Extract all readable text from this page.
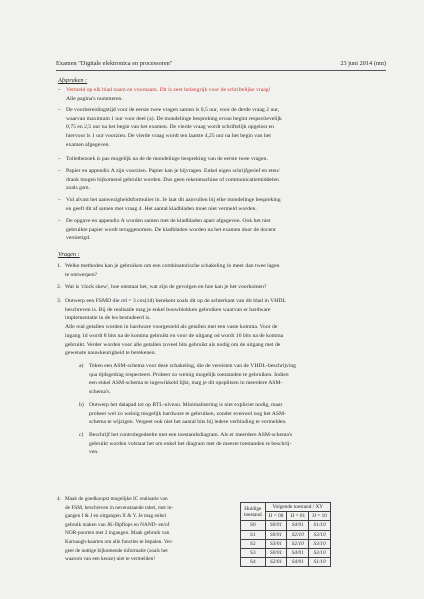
Examen "Digitale elektronica en processoren"	23 juni 2014 (nm)
Afspraken :
– Vermeld op elk blad naam en voornaam. Dit is zeer belangrijk voor de schriftelijke vraag!
Alle pagina's nummeren.
– De voorbereidingstijd voor de eerste twee vragen samen is 0,5 uur, voor de derde vraag 2 uur,
waarvan maximum 1 uur voor deel (a). De mondelinge bespreking ervan begint respectievelijk
0,75 en 2,5 uur na het begin van het examen. De vierde vraag wordt schriftelijk opgelost en
hiervoor is 1 uur voorzien. De vierde vraag wordt ten laatste 4,25 uur na het begin van het
examen afgegeven.
– Toiletbezoek is pas mogelijk na de de mondelinge bespreking van de eerste twee vragen.
– Papier en appendix A zijn voorzien. Papier kan je bijvragen. Enkel eigen schrijfgerief en eten/
drank mogen bijkomend gebruikt worden. Dus geen rekenmachine of communicatiemiddelen
zoals gsm.
– Vul alvast het aanwezigheidsformulier in. Je laat dit aanvullen bij elke mondelinge bespreking
en geeft dit af samen met vraag 4. Het aantal kladbladen moet niet vermeld worden.
– De opgave en appendix A worden samen met de kladbladen apart afgegeven. Ook het niet
gebruikte papier wordt teruggenomen. De kladbladen worden na het examen door de docent
vernietigd.
Vragen :
1. Welke methoden kan je gebruiken om een combinatorische schakeling in meer dan twee lagen
te ontwerpen?
2. Wat is 'clock skew', hoe ontstaat het, wat zijn de gevolgen en hoe kan je het voorkomen?
3. Ontwerp een FSMD die σd = 3 cos(1d) berekent zoals dit op de achterkant van dit blad in VHDL
beschreven is. Bij de realisatie mag je enkel bouwblokken gebruiken waarvan er hardware
implementatie in de les bestudeerd is.
Alle real getallen worden in hardware voorgesteld als getallen met een vaste komma. Voor de
ingang 1d wordt 8 bits na de komma gebruikt en voor de uitgang od wordt 16 bits na de komma
gebruikt. Verder worden voor alle getallen zoveel bits gebruikt als nodig om de uitgang met de
gewenste nauwkeurigheid te berekenen.
a) Teken een ASM-schema voor deze schakeling, die de vereisten van de VHDL-beschrijving
qua tijdsgedrag respecteert. Probeer zo weinig mogelijk toestanden te gebruiken. Indien
een enkel ASM-schema te ingewikkeld lijkt, mag je dit opsplitsen in meerdere ASM-
schema's.
b) Ontwerp het datapad tot op RTL-niveau. Minimalisering is niet expliciet nodig, maar
probeer wel zo weinig mogelijk hardware te gebruiken, zonder evenwel nog het ASM-
schema te wijzigen. Vergeet ook niet het aantal bits bij iedere verbinding te vermelden.
c) Beschrijf het controlegedeelte met een toestandsdiagram. Als er meerdere ASM-schema's
gebruikt worden volstaat het om enkel het diagram met de meeste toestanden te beschrij-
ven.
4. Maak de goedkoopst mogelijke IC realisatie van
de FSM, beschreven in nevenstaande tabel, met in-
gangen I & J en uitgangen X & Y. Je mag enkel
gebruik maken van JK-flipflops en NAND- en/of
NOR-poorten met 2 ingangen. Maak gebruik van
Karnaugh-kaarten om alle functies te bepalen. Ver-
geet de nuttige bijkomende informatie (zoals het
waarom van een keuze) niet te vermelden!
Huidige
toestand	Volgende toestand / XY		
	IJ = 00	IJ = 01	IJ = 10
S0	S0/01	S4/01	S1/10
S1	S0/01	S2/10	S3/10
S2	S3/01	S2/10	S3/10
S3	S0/01	S4/01	S3/10
S4	S2/01	S4/01	S1/10
